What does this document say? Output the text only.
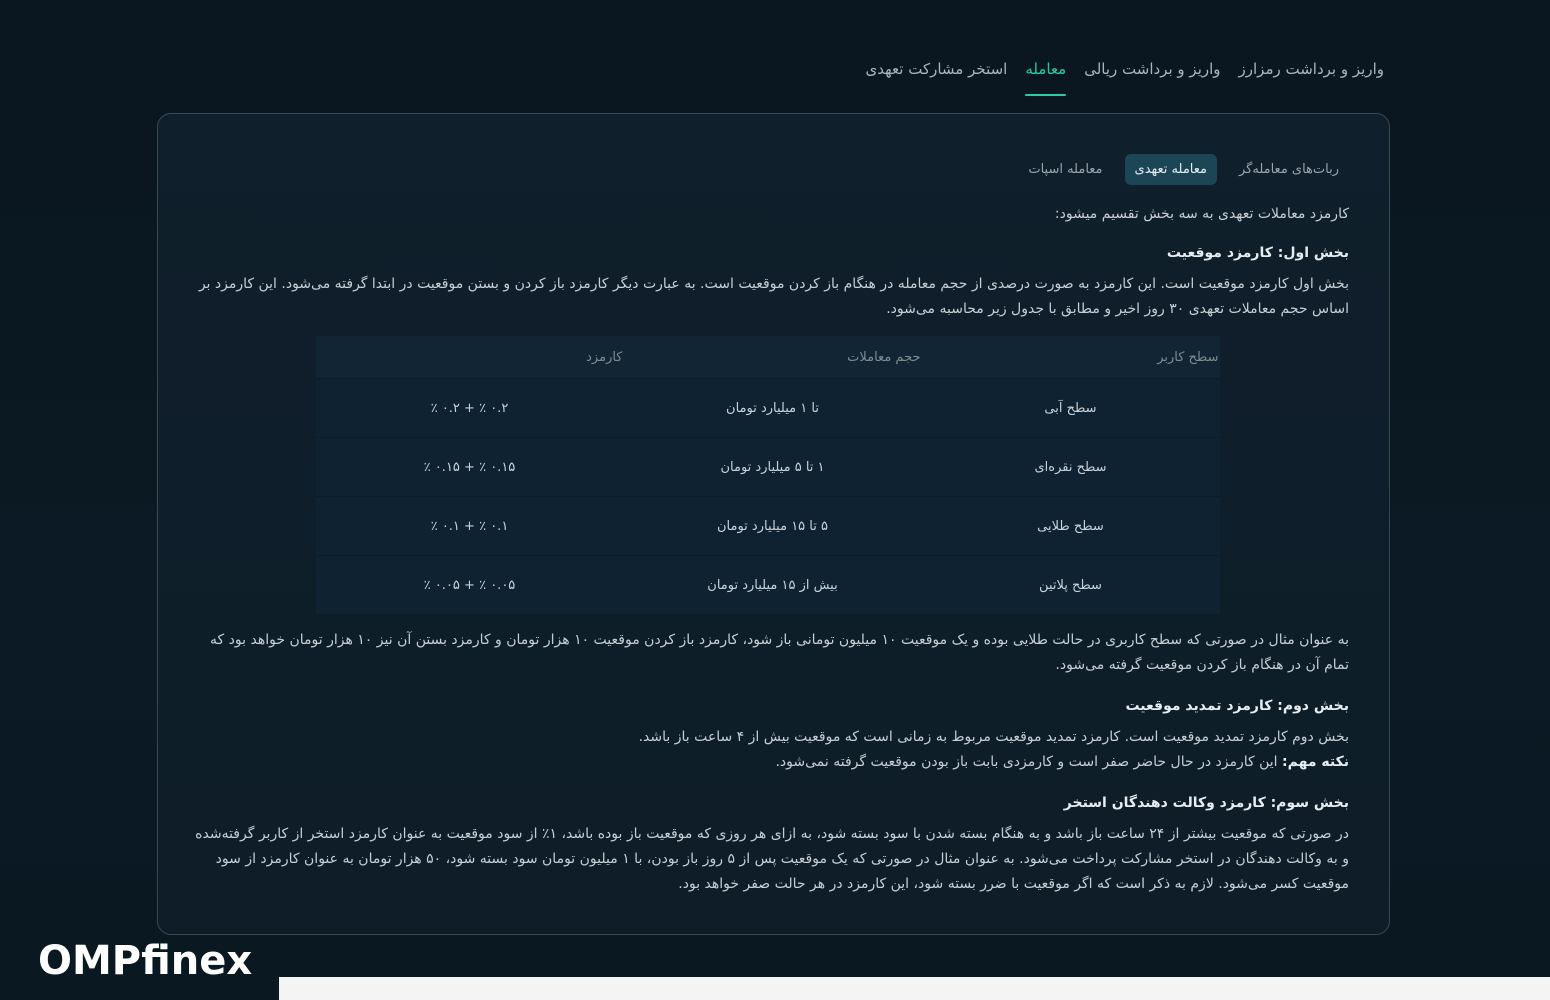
استخر مشارکت تعهدی معامله واریز و برداشت ریالی واریز و برداشت رمزارز
معامله اسپات	معامله تعهدی	ربات‌های معامله‌گر

کارمزد معاملات تعهدی به سه بخش تقسیم میشود:

بخش اول: کارمزد موقعیت

بخش اول کارمزد موقعیت است. این کارمزد به صورت درصدی از حجم معامله در هنگام باز کردن موقعیت است. به عبارت دیگر کارمزد باز کردن و بستن موقعیت در ابتدا گرفته می‌شود. این کارمزد بر اساس حجم معاملات تعهدی ۳۰ روز اخیر و مطابق با جدول زیر محاسبه می‌شود.

سطح کاربر	حجم معاملات	کارمزد
سطح آبی	تا ۱ میلیارد تومان	۰.۲ ٪ + ۰.۲ ٪
سطح نقره‌ای	۱ تا ۵ میلیارد تومان	۰.۱۵ ٪ + ۰.۱۵ ٪
سطح طلایی	۵ تا ۱۵ میلیارد تومان	۰.۱ ٪ + ۰.۱ ٪
سطح پلاتین	بیش از ۱۵ میلیارد تومان	۰.۰۵ ٪ + ۰.۰۵ ٪

به عنوان مثال در صورتی که سطح کاربری در حالت طلایی بوده و یک موقعیت ۱۰ میلیون تومانی باز شود، کارمزد باز کردن موقعیت ۱۰ هزار تومان و کارمزد بستن آن نیز ۱۰ هزار تومان خواهد بود که تمام آن در هنگام باز کردن موقعیت گرفته می‌شود.

بخش دوم: کارمزد تمدید موقعیت

بخش دوم کارمزد تمدید موقعیت است. کارمزد تمدید موقعیت مربوط به زمانی است که موقعیت بیش از ۴ ساعت باز باشد.

نکته مهم: این کارمزد در حال حاضر صفر است و کارمزدی بابت باز بودن موقعیت گرفته نمی‌شود.

بخش سوم: کارمزد وکالت دهندگان استخر

در صورتی که موقعیت بیشتر از ۲۴ ساعت باز باشد و به هنگام بسته شدن با سود بسته شود، به ازای هر روزی که موقعیت باز بوده باشد، ۱٪ از سود موقعیت به عنوان کارمزد استخر از کاربر گرفته‌شده و به وکالت دهندگان در استخر مشارکت پرداخت می‌شود. به عنوان مثال در صورتی که یک موقعیت پس از ۵ روز باز بودن، با ۱ میلیون تومان سود بسته شود، ۵۰ هزار تومان به عنوان کارمزد از سود موقعیت کسر می‌شود. لازم به ذکر است که اگر موقعیت با ضرر بسته شود، این کارمزد در هر حالت صفر خواهد بود.

OMPfnex
